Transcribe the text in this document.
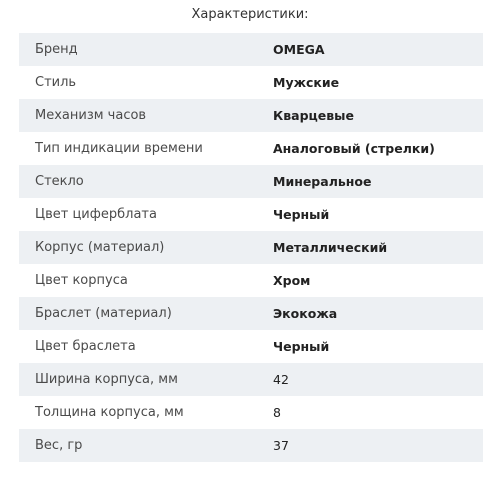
Характеристики:
Бренд	OMEGA
Стиль	Мужские
Механизм часов	Кварцевые
Тип индикации времени	Аналоговый (стрелки)
Стекло	Минеральное
Цвет циферблата	Черный
Корпус (материал)	Металлический
Цвет корпуса	Хром
Браслет (материал)	Экокожа
Цвет браслета	Черный
Ширина корпуса, мм	42
Толщина корпуса, мм	8
Вес, гр	37
